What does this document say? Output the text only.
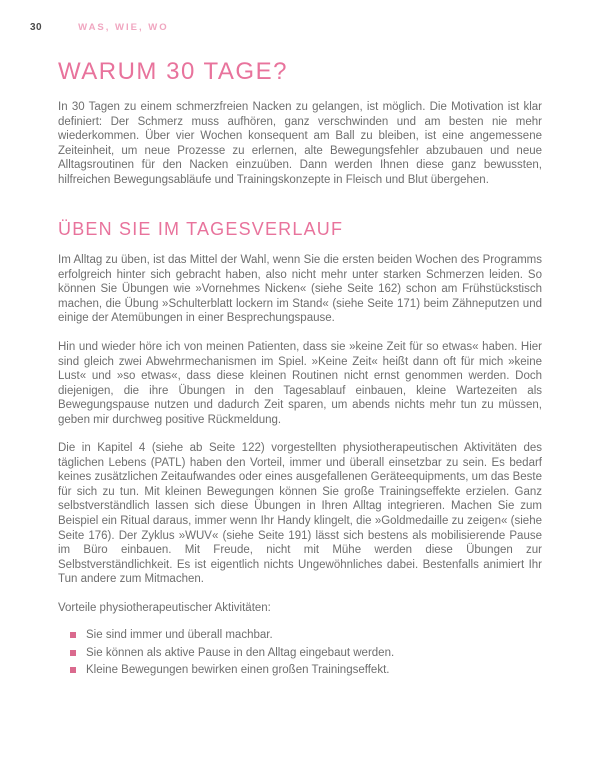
30	WAS, WIE, WO
WARUM 30 TAGE?

In 30 Tagen zu einem schmerzfreien Nacken zu gelangen, ist möglich. Die Motivation ist klar definiert: Der Schmerz muss aufhören, ganz verschwinden und am besten nie mehr wiederkommen. Über vier Wochen konsequent am Ball zu bleiben, ist eine angemessene Zeiteinheit, um neue Prozesse zu erlernen, alte Bewegungsfehler abzubauen und neue Alltagsroutinen für den Nacken einzuüben. Dann werden Ihnen diese ganz bewussten, hilfreichen Bewegungsabläufe und Trainingskonzepte in Fleisch und Blut übergehen.

ÜBEN SIE IM TAGESVERLAUF

Im Alltag zu üben, ist das Mittel der Wahl, wenn Sie die ersten beiden Wochen des Programms erfolgreich hinter sich gebracht haben, also nicht mehr unter starken Schmerzen leiden. So können Sie Übungen wie »Vornehmes Nicken« (siehe Seite 162) schon am Frühstückstisch machen, die Übung »Schulterblatt lockern im Stand« (siehe Seite 171) beim Zähneputzen und einige der Atemübungen in einer Besprechungspause.

Hin und wieder höre ich von meinen Patienten, dass sie »keine Zeit für so etwas« haben. Hier sind gleich zwei Abwehrmechanismen im Spiel. »Keine Zeit« heißt dann oft für mich »keine Lust« und »so etwas«, dass diese kleinen Routinen nicht ernst genommen werden. Doch diejenigen, die ihre Übungen in den Tagesablauf einbauen, kleine Wartezeiten als Bewegungspause nutzen und dadurch Zeit sparen, um abends nichts mehr tun zu müssen, geben mir durchweg positive Rückmeldung.

Die in Kapitel 4 (siehe ab Seite 122) vorgestellten physiotherapeutischen Aktivitäten des täglichen Lebens (PATL) haben den Vorteil, immer und überall einsetzbar zu sein. Es bedarf keines zusätzlichen Zeitaufwandes oder eines ausgefallenen Geräteequipments, um das Beste für sich zu tun. Mit kleinen Bewegungen können Sie große Trainingseffekte erzielen. Ganz selbstverständlich lassen sich diese Übungen in Ihren Alltag integrieren. Machen Sie zum Beispiel ein Ritual daraus, immer wenn Ihr Handy klingelt, die »Goldmedaille zu zeigen« (siehe Seite 176). Der Zyklus »WUV« (siehe Seite 191) lässt sich bestens als mobilisierende Pause im Büro einbauen. Mit Freude, nicht mit Mühe werden diese Übungen zur Selbstverständlichkeit. Es ist eigentlich nichts Ungewöhnliches dabei. Bestenfalls animiert Ihr Tun andere zum Mitmachen.

Vorteile physiotherapeutischer Aktivitäten:

Sie sind immer und überall machbar.
Sie können als aktive Pause in den Alltag eingebaut werden.
Kleine Bewegungen bewirken einen großen Trainingseffekt.
